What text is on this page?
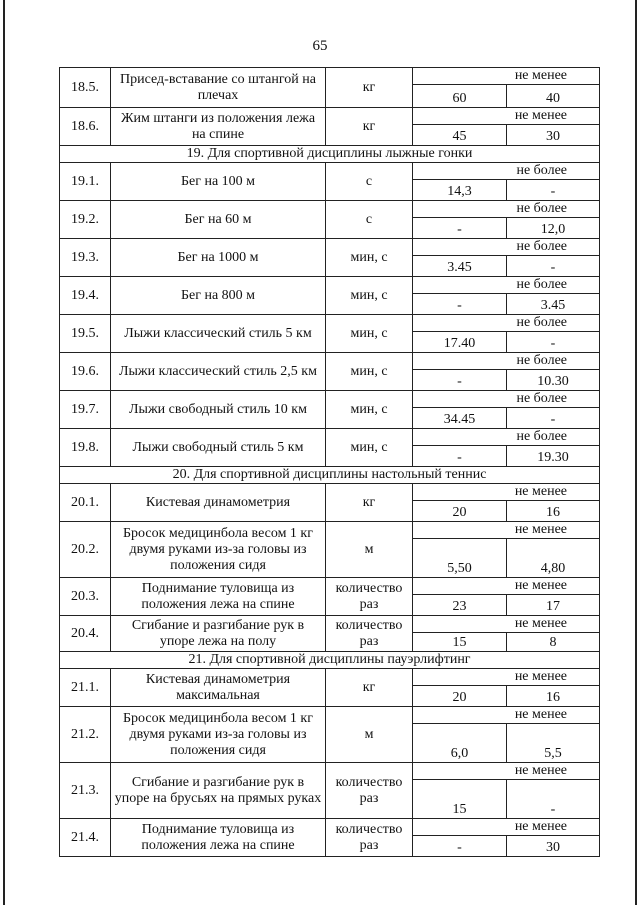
65
18.5.	Присед-вставание со штангой на плечах	кг	не менее	
			60	40
18.6.	Жим штанги из положения лежа на спине	кг	не менее	
			45	30
19. Для спортивной дисциплины лыжные гонки				
19.1.	Бег на 100 м	с	не более	
			14,3	-
19.2.	Бег на 60 м	с	не более	
			-	12,0
19.3.	Бег на 1000 м	мин, с	не более	
			3.45	-
19.4.	Бег на 800 м	мин, с	не более	
			-	3.45
19.5.	Лыжи классический стиль 5 км	мин, с	не более	
			17.40	-
19.6.	Лыжи классический стиль 2,5 км	мин, с	не более	
			-	10.30
19.7.	Лыжи свободный стиль 10 км	мин, с	не более	
			34.45	-
19.8.	Лыжи свободный стиль 5 км	мин, с	не более	
			-	19.30
20. Для спортивной дисциплины настольный теннис				
20.1.	Кистевая динамометрия	кг	не менее	
			20	16
20.2.	Бросок медицинбола весом 1 кг двумя руками из-за головы из положения сидя	м	не менее	
			5,50	4,80
20.3.	Поднимание туловища из положения лежа на спине	количество раз	не менее	
			23	17
20.4.	Сгибание и разгибание рук в упоре лежа на полу	количество раз	не менее	
			15	8
21. Для спортивной дисциплины пауэрлифтинг				
21.1.	Кистевая динамометрия максимальная	кг	не менее	
			20	16
21.2.	Бросок медицинбола весом 1 кг двумя руками из-за головы из положения сидя	м	не менее	
			6,0	5,5
21.3.	Сгибание и разгибание рук в упоре на брусьях на прямых руках	количество раз	не менее	
			15	-
21.4.	Поднимание туловища из положения лежа на спине	количество раз	не менее	
			-	30
